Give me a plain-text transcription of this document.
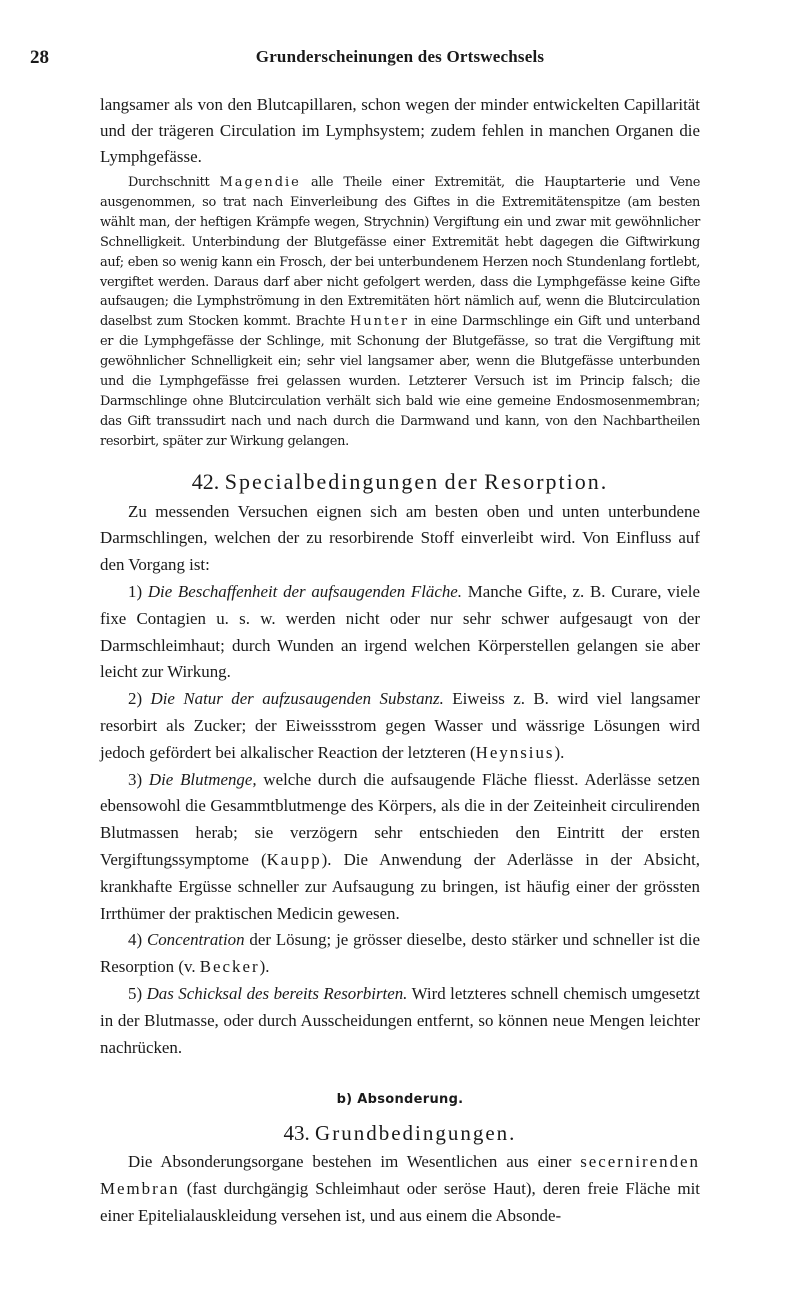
28	Grunderscheinungen des Ortswechsels

langsamer als von den Blutcapillaren, schon wegen der minder entwickelten Capillarität und der trägeren Circulation im Lymphsystem; zudem fehlen in manchen Organen die Lymphgefässe.

Durchschnitt Magendie alle Theile einer Extremität, die Hauptarterie und Vene ausgenommen, so trat nach Einverleibung des Giftes in die Extremitätenspitze (am besten wählt man, der heftigen Krämpfe wegen, Strychnin) Vergiftung ein und zwar mit gewöhnlicher Schnelligkeit. Unterbindung der Blutgefässe einer Extremität hebt dagegen die Giftwirkung auf; eben so wenig kann ein Frosch, der bei unterbundenem Herzen noch Stundenlang fortlebt, vergiftet werden. Daraus darf aber nicht gefolgert werden, dass die Lymphgefässe keine Gifte aufsaugen; die Lymphströmung in den Extremitäten hört nämlich auf, wenn die Blutcirculation daselbst zum Stocken kommt. Brachte Hunter in eine Darmschlinge ein Gift und unterband er die Lymphgefässe der Schlinge, mit Schonung der Blutgefässe, so trat die Vergiftung mit gewöhnlicher Schnelligkeit ein; sehr viel langsamer aber, wenn die Blutgefässe unterbunden und die Lymphgefässe frei gelassen wurden. Letzterer Versuch ist im Princip falsch; die Darmschlinge ohne Blutcirculation verhält sich bald wie eine gemeine Endosmosenmembran; das Gift transsudirt nach und nach durch die Darmwand und kann, von den Nachbartheilen resorbirt, später zur Wirkung gelangen.

42. Specialbedingungen der Resorption.

Zu messenden Versuchen eignen sich am besten oben und unten unterbundene Darmschlingen, welchen der zu resorbirende Stoff einverleibt wird. Von Einfluss auf den Vorgang ist:

1) Die Beschaffenheit der aufsaugenden Fläche. Manche Gifte, z. B. Curare, viele fixe Contagien u. s. w. werden nicht oder nur sehr schwer aufgesaugt von der Darmschleimhaut; durch Wunden an irgend welchen Körperstellen gelangen sie aber leicht zur Wirkung.

2) Die Natur der aufzusaugenden Substanz. Eiweiss z. B. wird viel langsamer resorbirt als Zucker; der Eiweissstrom gegen Wasser und wässrige Lösungen wird jedoch gefördert bei alkalischer Reaction der letzteren (Heynsius).

3) Die Blutmenge, welche durch die aufsaugende Fläche fliesst. Aderlässe setzen ebensowohl die Gesammtblutmenge des Körpers, als die in der Zeiteinheit circulirenden Blutmassen herab; sie verzögern sehr entschieden den Eintritt der ersten Vergiftungssymptome (Kaupp). Die Anwendung der Aderlässe in der Absicht, krankhafte Ergüsse schneller zur Aufsaugung zu bringen, ist häufig einer der grössten Irrthümer der praktischen Medicin gewesen.

4) Concentration der Lösung; je grösser dieselbe, desto stärker und schneller ist die Resorption (v. Becker).

5) Das Schicksal des bereits Resorbirten. Wird letzteres schnell chemisch umgesetzt in der Blutmasse, oder durch Ausscheidungen entfernt, so können neue Mengen leichter nachrücken.

b) Absonderung.
43. Grundbedingungen.

Die Absonderungsorgane bestehen im Wesentlichen aus einer secernirenden Membran (fast durchgängig Schleimhaut oder seröse Haut), deren freie Fläche mit einer Epitelialauskleidung versehen ist, und aus einem die Absonde-
